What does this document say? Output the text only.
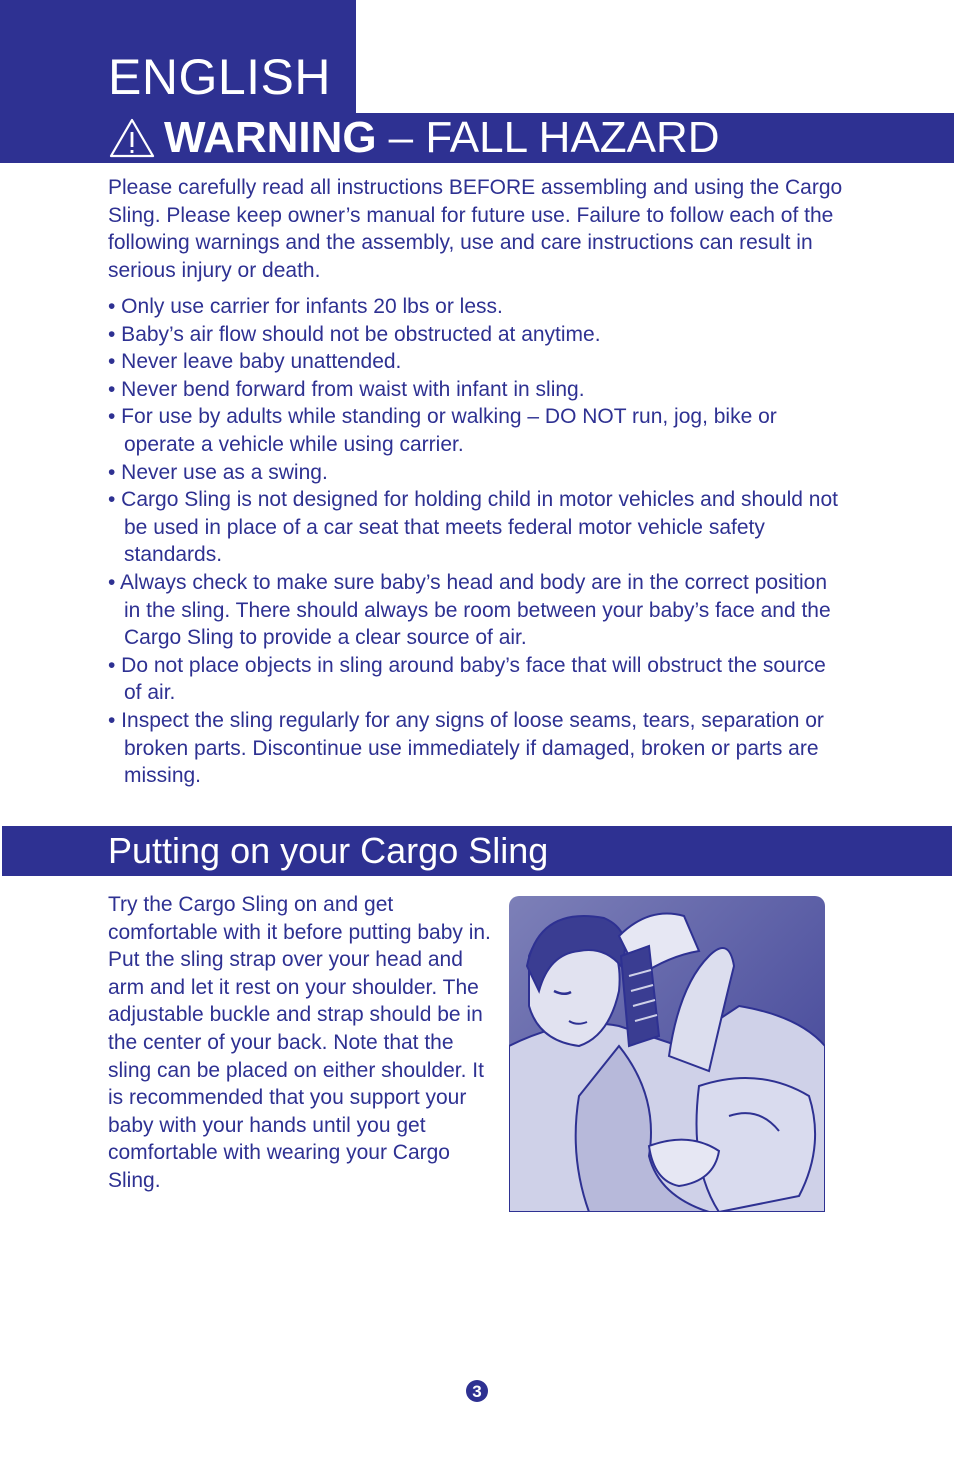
ENGLISH
WARNING – FALL HAZARD

Please carefully read all instructions BEFORE assembling and using the Cargo Sling. Please keep owner’s manual for future use. Failure to follow each of the following warnings and the assembly, use and care instructions can result in serious injury or death.

• Only use carrier for infants 20 lbs or less.
• Baby’s air flow should not be obstructed at anytime.
• Never leave baby unattended.
• Never bend forward from waist with infant in sling.
• For use by adults while standing or walking – DO NOT run, jog, bike or operate a vehicle while using carrier.
• Never use as a swing.
• Cargo Sling is not designed for holding child in motor vehicles and should not be used in place of a car seat that meets federal motor vehicle safety standards.
• Always check to make sure baby’s head and body are in the correct position in the sling. There should always be room between your baby’s face and the Cargo Sling to provide a clear source of air.
• Do not place objects in sling around baby’s face that will obstruct the source of air.
• Inspect the sling regularly for any signs of loose seams, tears, separation or broken parts. Discontinue use immediately if damaged, broken or parts are missing.
Putting on your Cargo Sling

Try the Cargo Sling on and get comfortable with it before putting baby in. Put the sling strap over your head and arm and let it rest on your shoulder. The adjustable buckle and strap should be in the center of your back. Note that the sling can be placed on either shoulder. It is recommended that you support your baby with your hands until you get comfortable with wearing your Cargo Sling.

3
